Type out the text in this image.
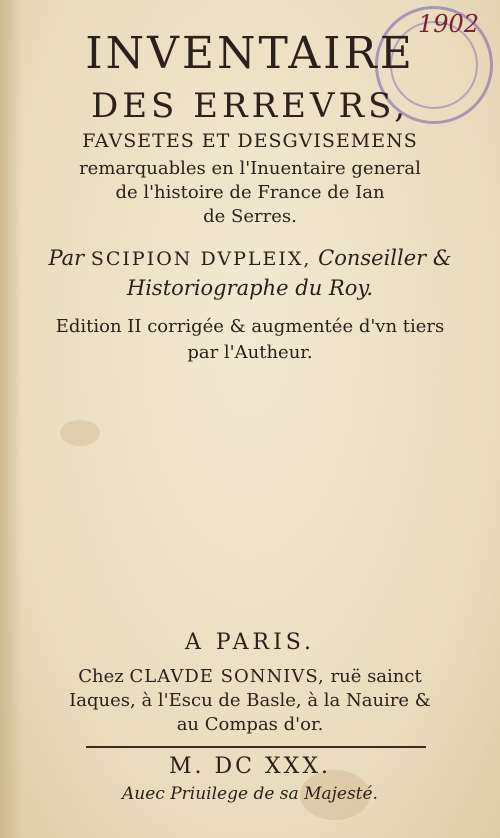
1902
INVENTAIRE
DES ERREVRS,
FAVSETES ET DESGVISEMENS
remarquables en l'Inuentaire general
de l'histoire de France de Ian
de Serres.
Par SCIPION DVPLEIX, Conseiller &
Historiographe du Roy.
Edition II corrigée & augmentée d'vn tiers
par l'Autheur.
A PARIS.
Chez CLAVDE SONNIVS, ruë sainct
Iaques, à l'Escu de Basle, à la Nauire &
au Compas d'or.
M. DC XXX.
Auec Priuilege de sa Majesté.
